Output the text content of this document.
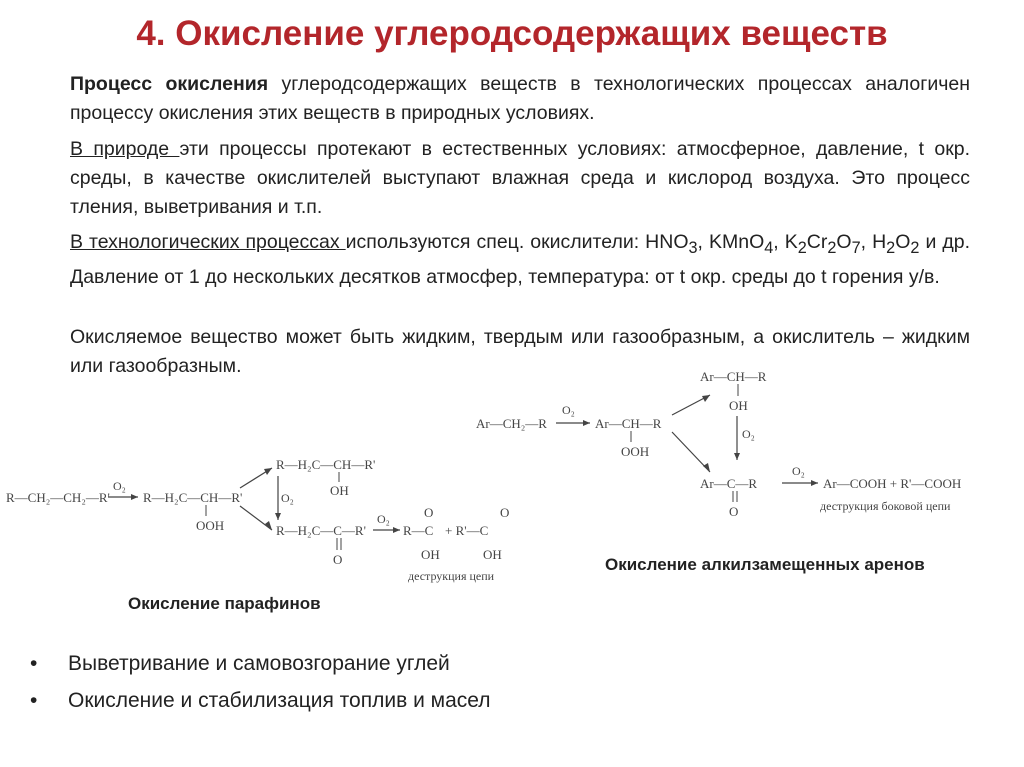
4. Окисление углеродсодержащих веществ
Процесс окисления углеродсодержащих веществ в технологических процессах аналогичен процессу окисления этих веществ в природных условиях.
В природе эти процессы протекают в естественных условиях: атмосферное, давление, t окр. среды, в качестве окислителей выступают влажная среда и кислород воздуха. Это процесс тления, выветривания и т.п.
В технологических процессах используются спец. окислители: $HNO_3$, KMnO$_4$, $K_2Cr_2O_7$, $H_2O_2$ и др. Давление от 1 до нескольких десятков атмосфер, температура: от t окр. среды до t горения у/в.
Окисляемое вещество может быть жидким, твердым или газообразным, а окислитель – жидким или газообразным.
Ar—CH₂—R
O₂
Ar—CH—R
OOH
Ar—CH—R
OH
O₂
Ar—C—R
O
O₂
Ar—COOH + R'—COOH
деструкция боковой цепи
R—CH₂—CH₂—R'
O₂
R—H₂C—CH—R'
OOH
R—H₂C—CH—R'
OH
O₂
R—H₂C—C—R'
O
O₂
R—C
O
OH
+ R'—C
O
OH
деструкция цепи
Окисление алкилзамещенных аренов
Окисление парафинов
• Выветривание и самовозгорание углей
• Окисление и стабилизация топлив и масел
